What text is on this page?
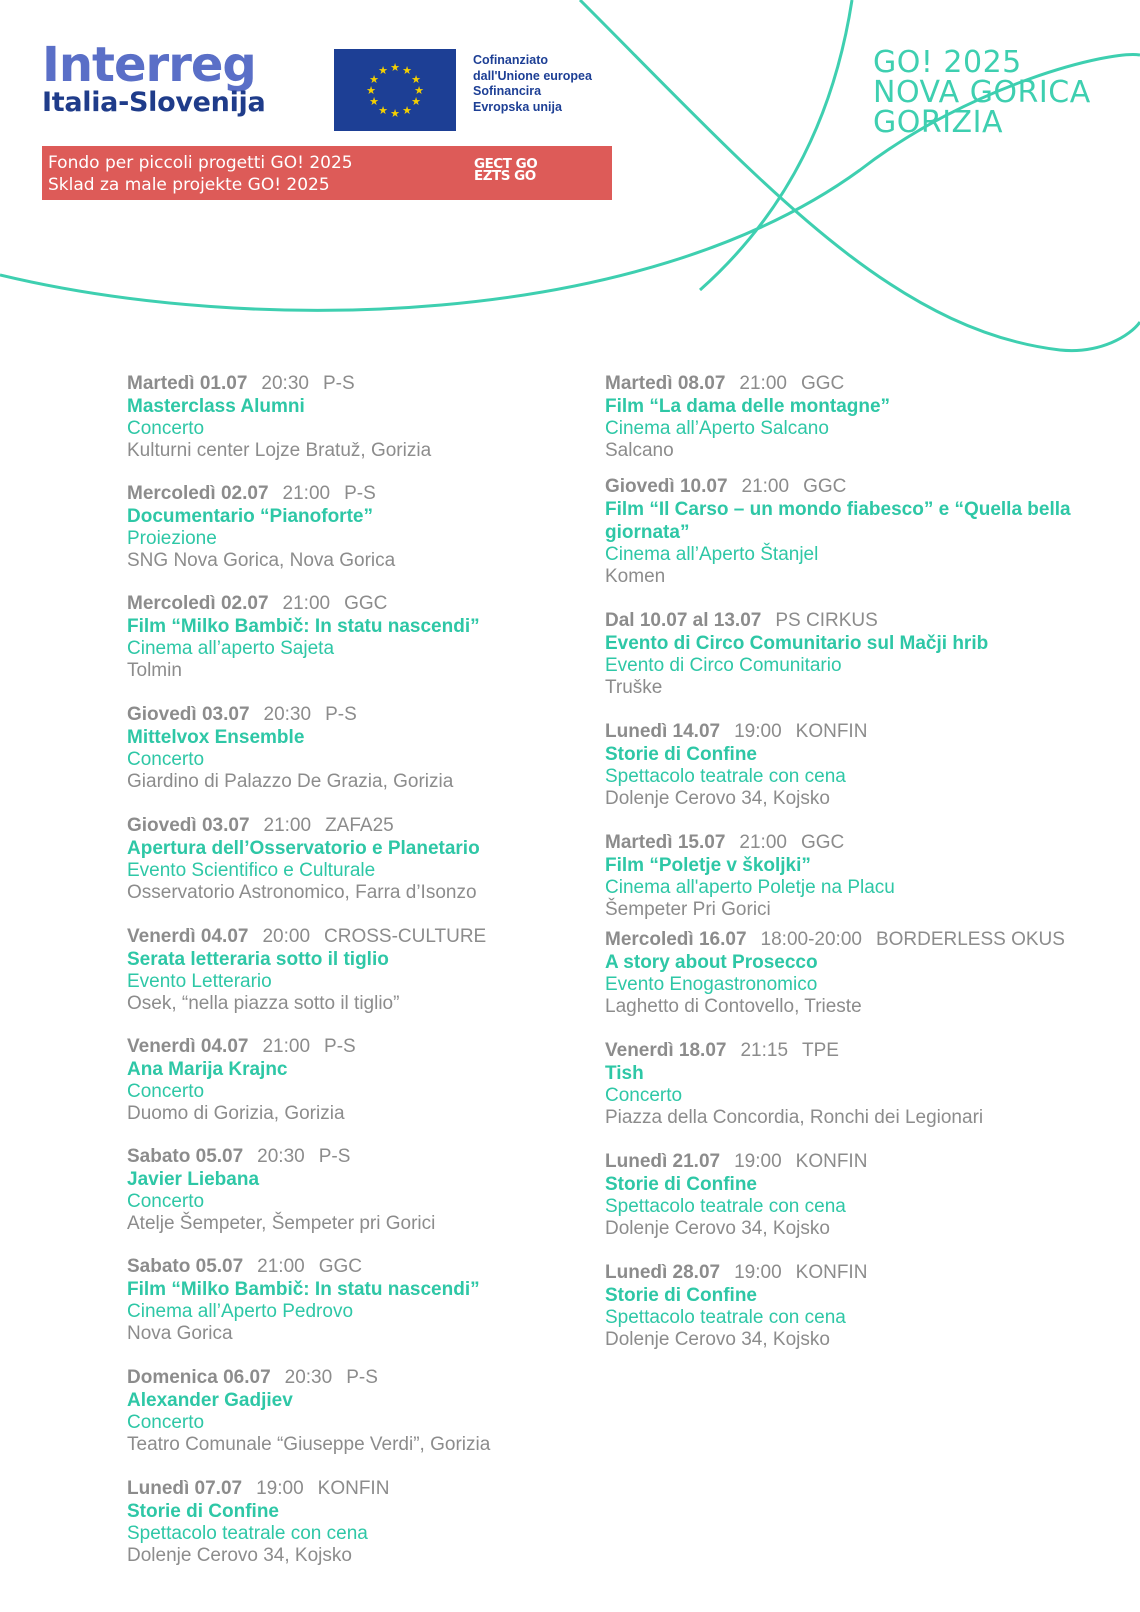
Interreg
Italia-Slovenija
★ ★
★
★
★
★
★
★
★
★
★
★
Cofinanziato
dall'Unione europea
Sofinancira
Evropska unija
Fondo per piccoli progetti GO! 2025
Sklad za male projekte GO! 2025
GECT GO
EZTS GO
GO! 2025
NOVA GORICA
GORIZIA
Martedì 01.07 20:30 P-S
Masterclass Alumni
Concerto
Kulturni center Lojze Bratuž, Gorizia
Mercoledì 02.07 21:00 P-S
Documentario “Pianoforte”
Proiezione
SNG Nova Gorica, Nova Gorica
Mercoledì 02.07 21:00 GGC
Film “Milko Bambič: In statu nascendi”
Cinema all’aperto Sajeta
Tolmin
Giovedì 03.07 20:30 P-S
Mittelvox Ensemble
Concerto
Giardino di Palazzo De Grazia, Gorizia
Giovedì 03.07 21:00 ZAFA25
Apertura dell’Osservatorio e Planetario
Evento Scientifico e Culturale
Osservatorio Astronomico, Farra d’Isonzo
Venerdì 04.07 20:00 CROSS-CULTURE
Serata letteraria sotto il tiglio
Evento Letterario
Osek, “nella piazza sotto il tiglio”
Venerdì 04.07 21:00 P-S
Ana Marija Krajnc
Concerto
Duomo di Gorizia, Gorizia
Sabato 05.07 20:30 P-S
Javier Liebana
Concerto
Atelje Šempeter, Šempeter pri Gorici
Sabato 05.07 21:00 GGC
Film “Milko Bambič: In statu nascendi”
Cinema all’Aperto Pedrovo
Nova Gorica
Domenica 06.07 20:30 P-S
Alexander Gadjiev
Concerto
Teatro Comunale “Giuseppe Verdi”, Gorizia
Lunedì 07.07 19:00 KONFIN
Storie di Confine
Spettacolo teatrale con cena
Dolenje Cerovo 34, Kojsko
Martedì 08.07 21:00 GGC
Film “La dama delle montagne”
Cinema all’Aperto Salcano
Salcano
Giovedì 10.07 21:00 GGC
Film “Il Carso – un mondo fiabesco” e “Quella bella giornata”
Cinema all’Aperto Štanjel
Komen
Dal 10.07 al 13.07 PS CIRKUS
Evento di Circo Comunitario sul Mačji hrib
Evento di Circo Comunitario
Truške
Lunedì 14.07 19:00 KONFIN
Storie di Confine
Spettacolo teatrale con cena
Dolenje Cerovo 34, Kojsko
Martedì 15.07 21:00 GGC
Film “Poletje v školjki”
Cinema all'aperto Poletje na Placu
Šempeter Pri Gorici
Mercoledì 16.07 18:00-20:00 BORDERLESS OKUS
A story about Prosecco
Evento Enogastronomico
Laghetto di Contovello, Trieste
Venerdì 18.07 21:15 TPE
Tish
Concerto
Piazza della Concordia, Ronchi dei Legionari
Lunedì 21.07 19:00 KONFIN
Storie di Confine
Spettacolo teatrale con cena
Dolenje Cerovo 34, Kojsko
Lunedì 28.07 19:00 KONFIN
Storie di Confine
Spettacolo teatrale con cena
Dolenje Cerovo 34, Kojsko
